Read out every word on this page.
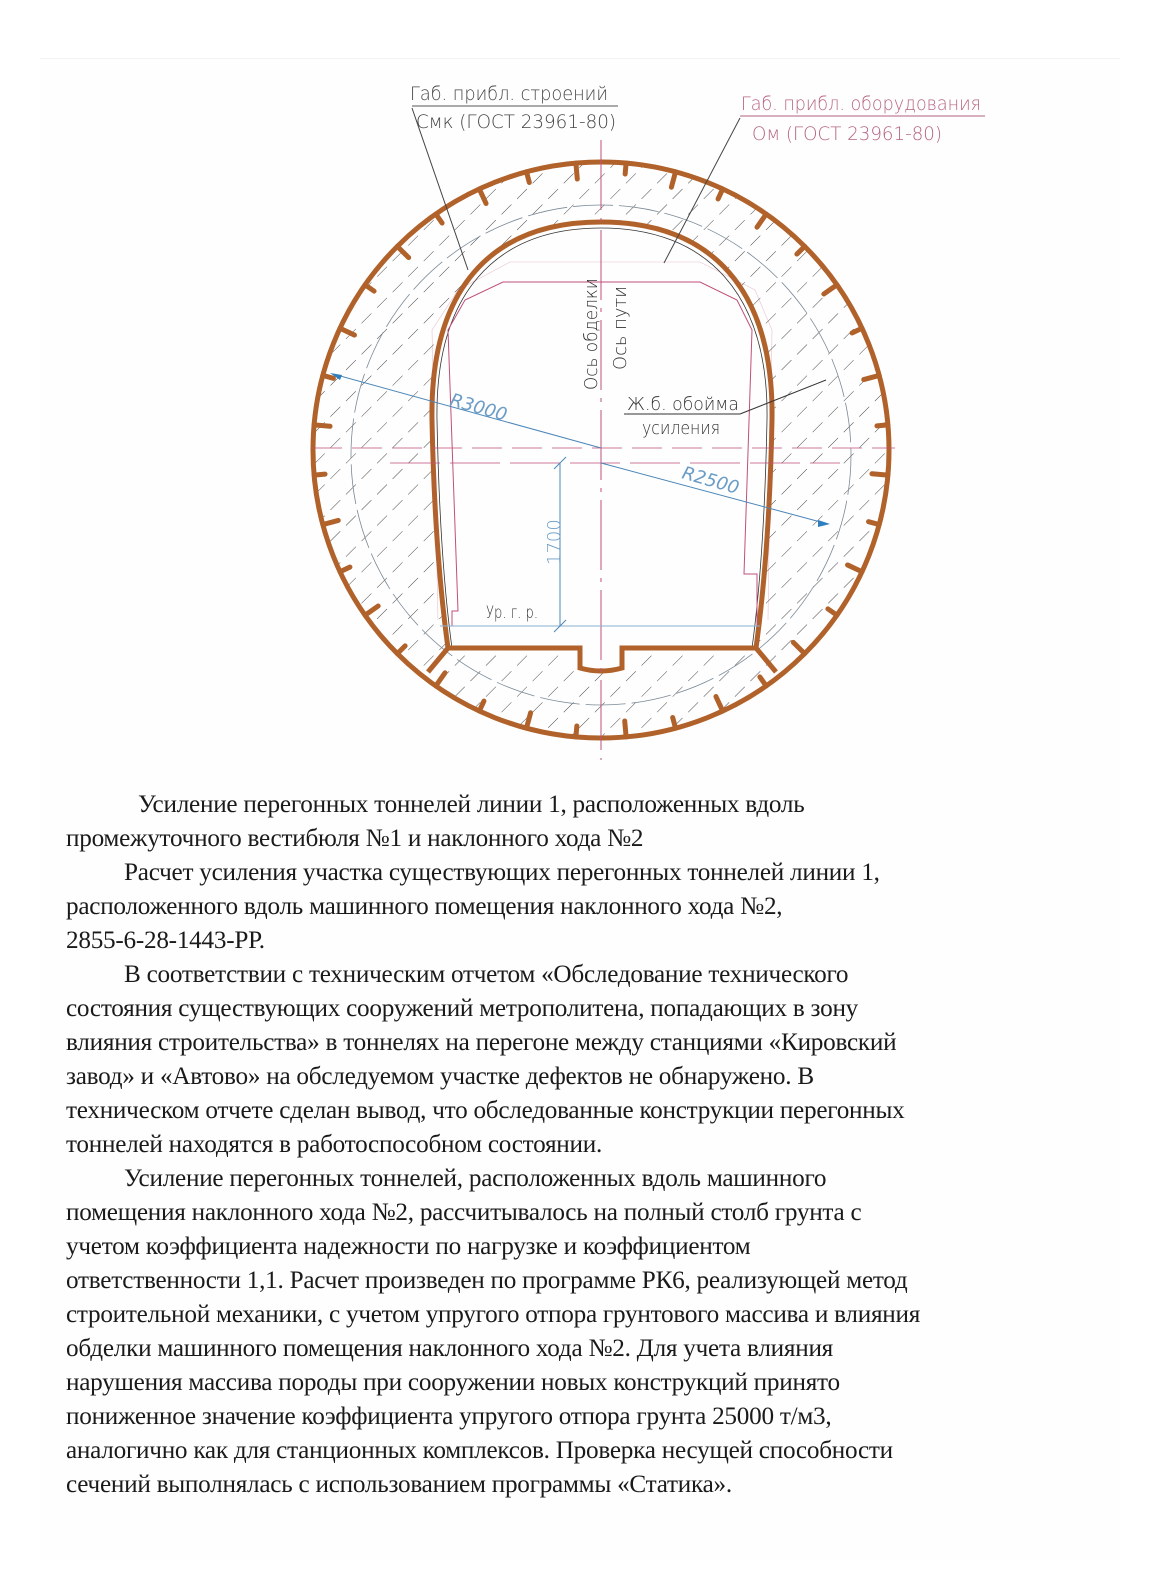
Габ. прибл. строений
Смк (ГОСТ 23961-80)
Габ. прибл. оборудования
Ом (ГОСТ 23961-80)
Ось обделки Ось пути
Ж.б. обойма
усиления
R3000
R2500
1700
Ур. г. р.

Усиление перегонных тоннелей линии 1, расположенных вдоль
промежуточного вестибюля №1 и наклонного хода №2

Расчет усиления участка существующих перегонных тоннелей линии 1,
расположенного вдоль машинного помещения наклонного хода №2,
2855-6-28-1443-РР.

В соответствии с техническим отчетом «Обследование технического
состояния существующих сооружений метрополитена, попадающих в зону
влияния строительства» в тоннелях на перегоне между станциями «Кировский
завод» и «Автово» на обследуемом участке дефектов не обнаружено. В
техническом отчете сделан вывод, что обследованные конструкции перегонных
тоннелей находятся в работоспособном состоянии.

Усиление перегонных тоннелей, расположенных вдоль машинного
помещения наклонного хода №2, рассчитывалось на полный столб грунта с
учетом коэффициента надежности по нагрузке и коэффициентом
ответственности 1,1. Расчет произведен по программе РК6, реализующей метод
строительной механики, с учетом упругого отпора грунтового массива и влияния
обделки машинного помещения наклонного хода №2. Для учета влияния
нарушения массива породы при сооружении новых конструкций принято
пониженное значение коэффициента упругого отпора грунта 25000 т/м3,
аналогично как для станционных комплексов. Проверка несущей способности
сечений выполнялась с использованием программы «Статика».
